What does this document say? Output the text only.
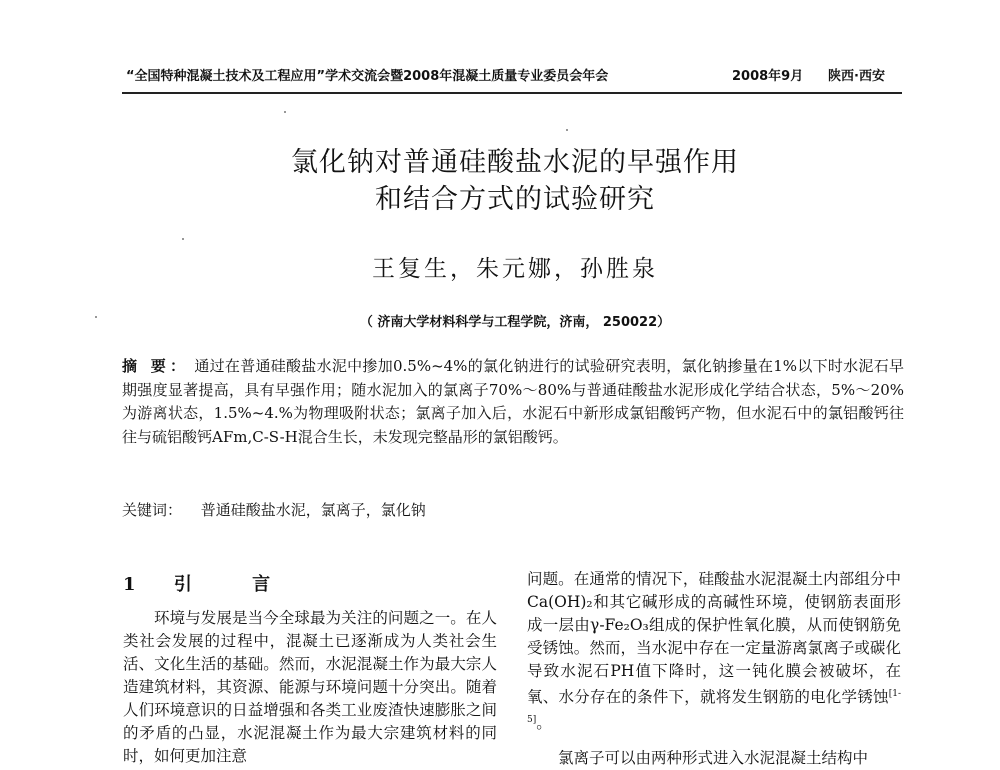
“全国特种混凝土技术及工程应用”学术交流会暨2008年混凝土质量专业委员会年会	2008年9月 陕西·西安
氯化钠对普通硅酸盐水泥的早强作用
和结合方式的试验研究
王复生，朱元娜，孙胜泉
（ 济南大学材料科学与工程学院，济南， 250022）
摘 要： 通过在普通硅酸盐水泥中掺加0.5%~4%的氯化钠进行的试验研究表明，氯化钠掺量在1%以下时水泥石早期强度显著提高，具有早强作用；随水泥加入的氯离子70%～80%与普通硅酸盐水泥形成化学结合状态，5%～20%为游离状态，1.5%~4.%为物理吸附状态；氯离子加入后，水泥石中新形成氯铝酸钙产物，但水泥石中的氯铝酸钙往往与硫铝酸钙AFm,C-S-H混合生长，未发现完整晶形的氯铝酸钙。
关键词： 普通硅酸盐水泥，氯离子，氯化钠
1 引	言

环境与发展是当今全球最为关注的问题之一。在人类社会发展的过程中，混凝土已逐渐成为人类社会生活、文化生活的基础。然而，水泥混凝土作为最大宗人造建筑材料，其资源、能源与环境问题十分突出。随着人们环境意识的日益增强和各类工业废渣快速膨胀之间的矛盾的凸显，水泥混凝土作为最大宗建筑材料的同时，如何更加注意

问题。在通常的情况下，硅酸盐水泥混凝土内部组分中Ca(OH)₂和其它碱形成的高碱性环境，使钢筋表面形成一层由γ-Fe₂O₃组成的保护性氧化膜，从而使钢筋免受锈蚀。然而，当水泥中存在一定量游离氯离子或碳化导致水泥石PH值下降时，这一钝化膜会被破坏，在氧、水分存在的条件下，就将发生钢筋的电化学锈蚀[1-5]。

氯离子可以由两种形式进入水泥混凝土结构中
